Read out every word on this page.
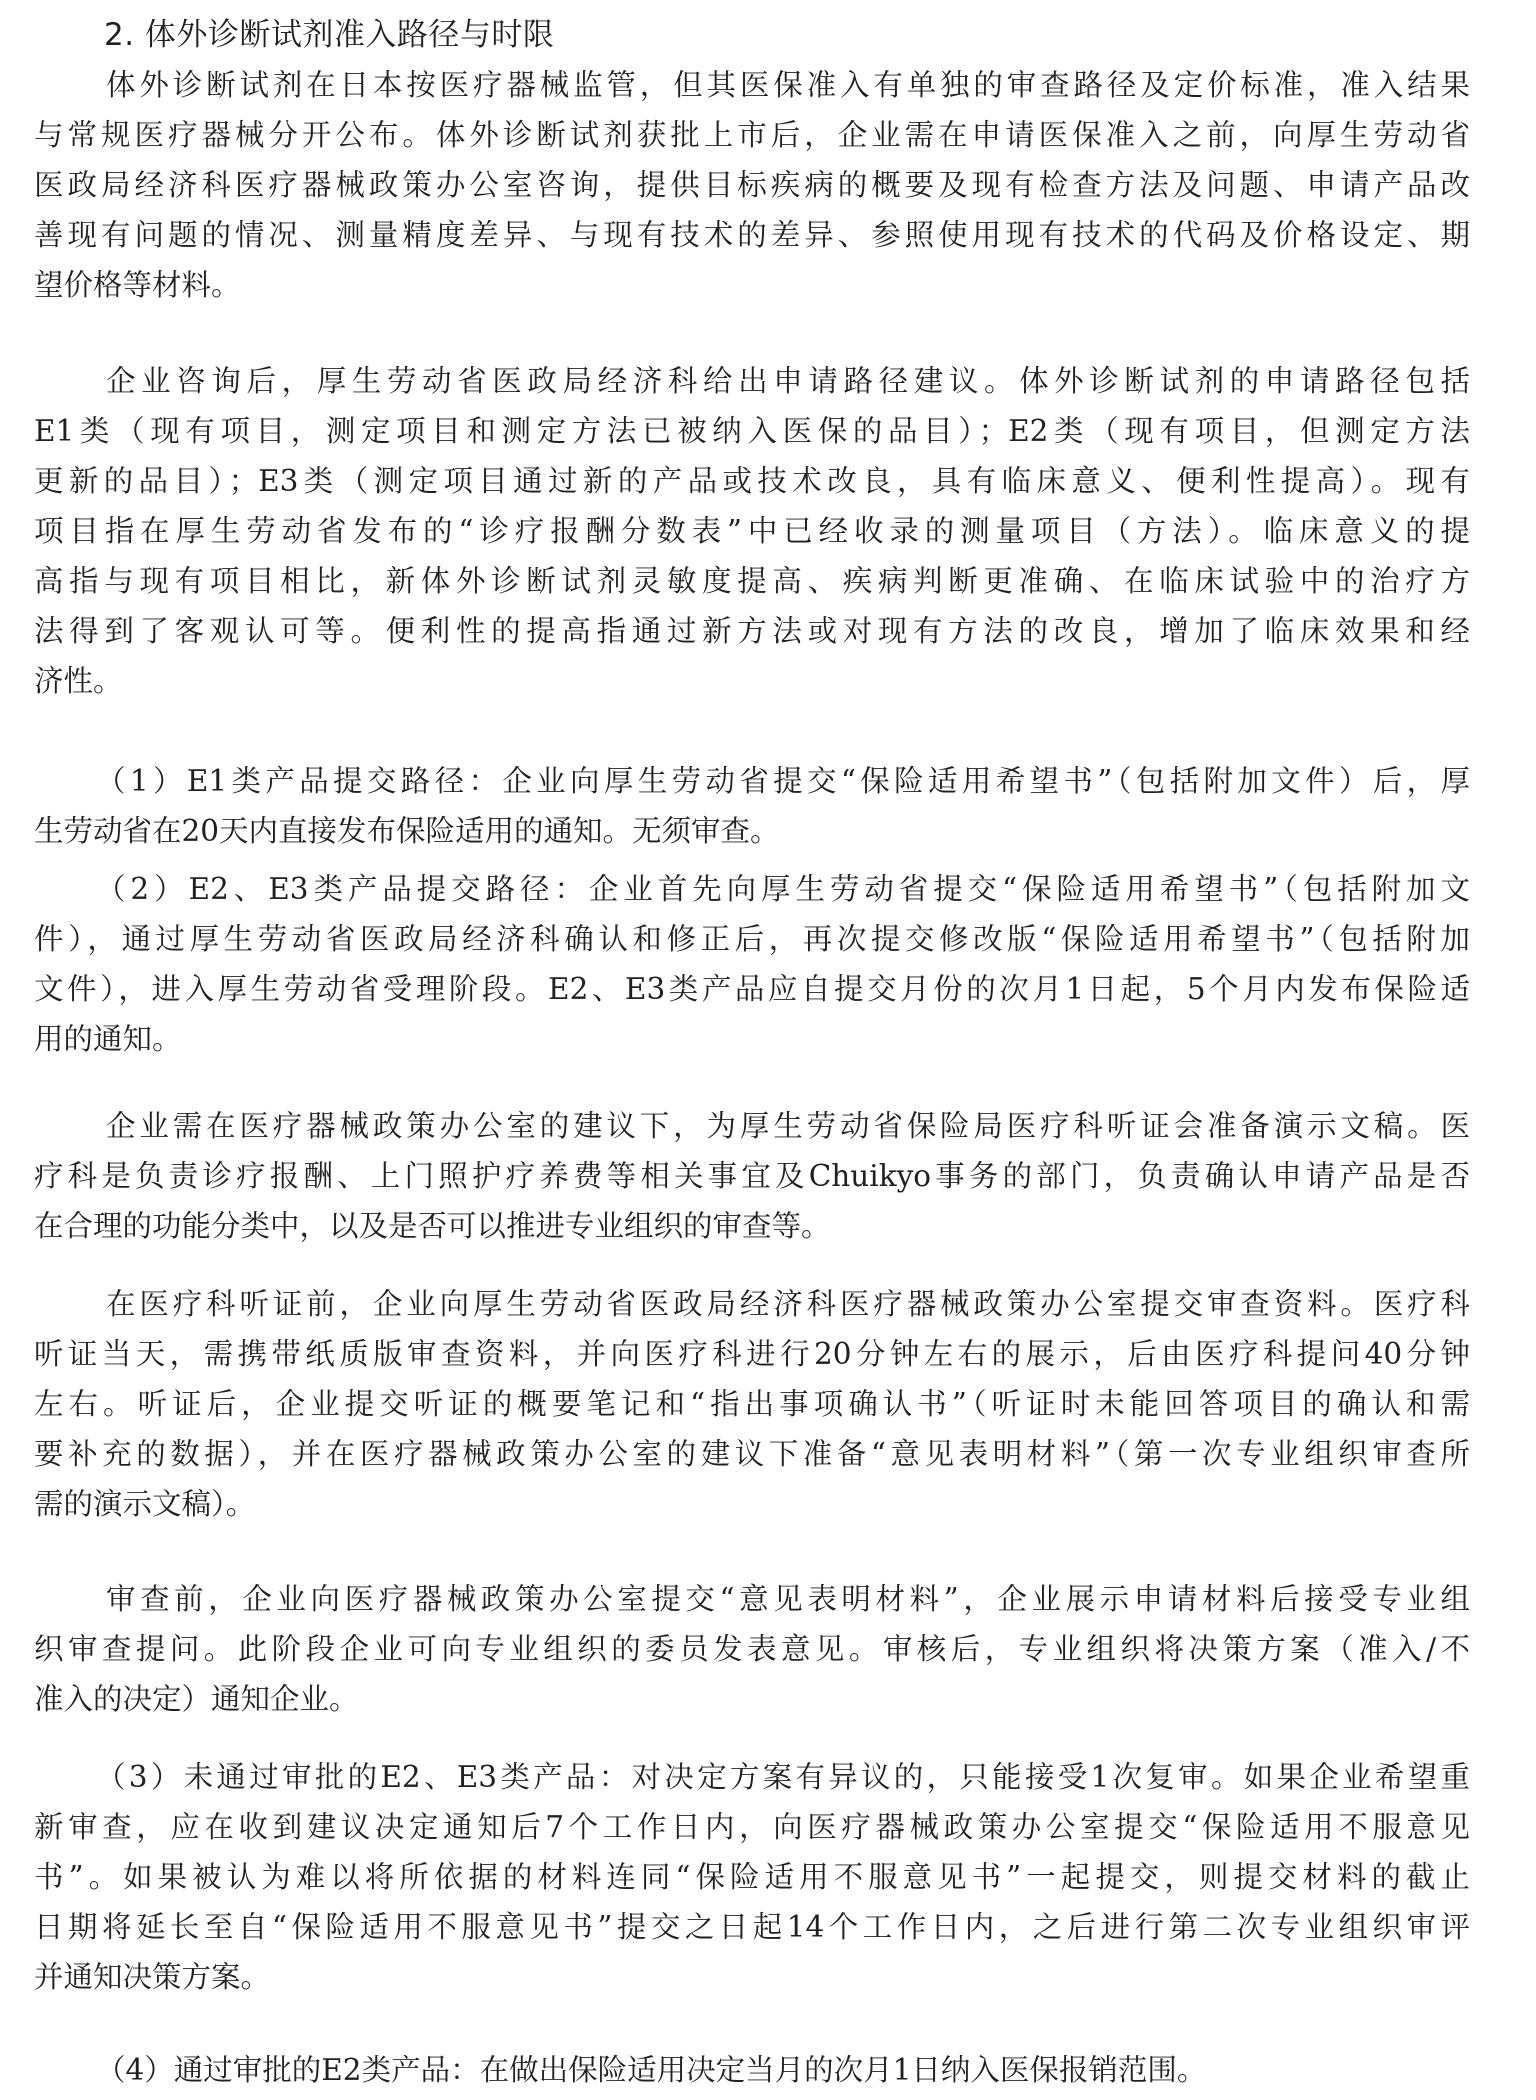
2. 体外诊断试剂准入路径与时限
体外诊断试剂在日本按医疗器械监管，但其医保准入有单独的审查路径及定价标准，准入结果
与常规医疗器械分开公布。体外诊断试剂获批上市后，企业需在申请医保准入之前，向厚生劳动省
医政局经济科医疗器械政策办公室咨询，提供目标疾病的概要及现有检查方法及问题、申请产品改
善现有问题的情况、测量精度差异、与现有技术的差异、参照使用现有技术的代码及价格设定、期
望价格等材料。
企业咨询后，厚生劳动省医政局经济科给出申请路径建议。体外诊断试剂的申请路径包括
E1类（现有项目，测定项目和测定方法已被纳入医保的品目）；E2类（现有项目，但测定方法
更新的品目）；E3类（测定项目通过新的产品或技术改良，具有临床意义、便利性提高）。现有
项目指在厚生劳动省发布的“诊疗报酬分数表”中已经收录的测量项目（方法）。临床意义的提
高指与现有项目相比，新体外诊断试剂灵敏度提高、疾病判断更准确、在临床试验中的治疗方
法得到了客观认可等。便利性的提高指通过新方法或对现有方法的改良，增加了临床效果和经
济性。
（1）E1类产品提交路径：企业向厚生劳动省提交“保险适用希望书”（包括附加文件）后，厚
生劳动省在20天内直接发布保险适用的通知。无须审查。
（2）E2、E3类产品提交路径：企业首先向厚生劳动省提交“保险适用希望书”（包括附加文
件），通过厚生劳动省医政局经济科确认和修正后，再次提交修改版“保险适用希望书”（包括附加
文件），进入厚生劳动省受理阶段。E2、E3类产品应自提交月份的次月1日起，5个月内发布保险适
用的通知。
企业需在医疗器械政策办公室的建议下，为厚生劳动省保险局医疗科听证会准备演示文稿。医
疗科是负责诊疗报酬、上门照护疗养费等相关事宜及Chuikyo事务的部门，负责确认申请产品是否
在合理的功能分类中，以及是否可以推进专业组织的审查等。
在医疗科听证前，企业向厚生劳动省医政局经济科医疗器械政策办公室提交审查资料。医疗科
听证当天，需携带纸质版审查资料，并向医疗科进行20分钟左右的展示，后由医疗科提问40分钟
左右。听证后，企业提交听证的概要笔记和“指出事项确认书”（听证时未能回答项目的确认和需
要补充的数据），并在医疗器械政策办公室的建议下准备“意见表明材料”（第一次专业组织审查所
需的演示文稿）。
审查前，企业向医疗器械政策办公室提交“意见表明材料”，企业展示申请材料后接受专业组
织审查提问。此阶段企业可向专业组织的委员发表意见。审核后，专业组织将决策方案（准入/不
准入的决定）通知企业。
（3）未通过审批的E2、E3类产品：对决定方案有异议的，只能接受1次复审。如果企业希望重
新审查，应在收到建议决定通知后7个工作日内，向医疗器械政策办公室提交“保险适用不服意见
书”。如果被认为难以将所依据的材料连同“保险适用不服意见书”一起提交，则提交材料的截止
日期将延长至自“保险适用不服意见书”提交之日起14个工作日内，之后进行第二次专业组织审评
并通知决策方案。
（4）通过审批的E2类产品：在做出保险适用决定当月的次月1日纳入医保报销范围。
